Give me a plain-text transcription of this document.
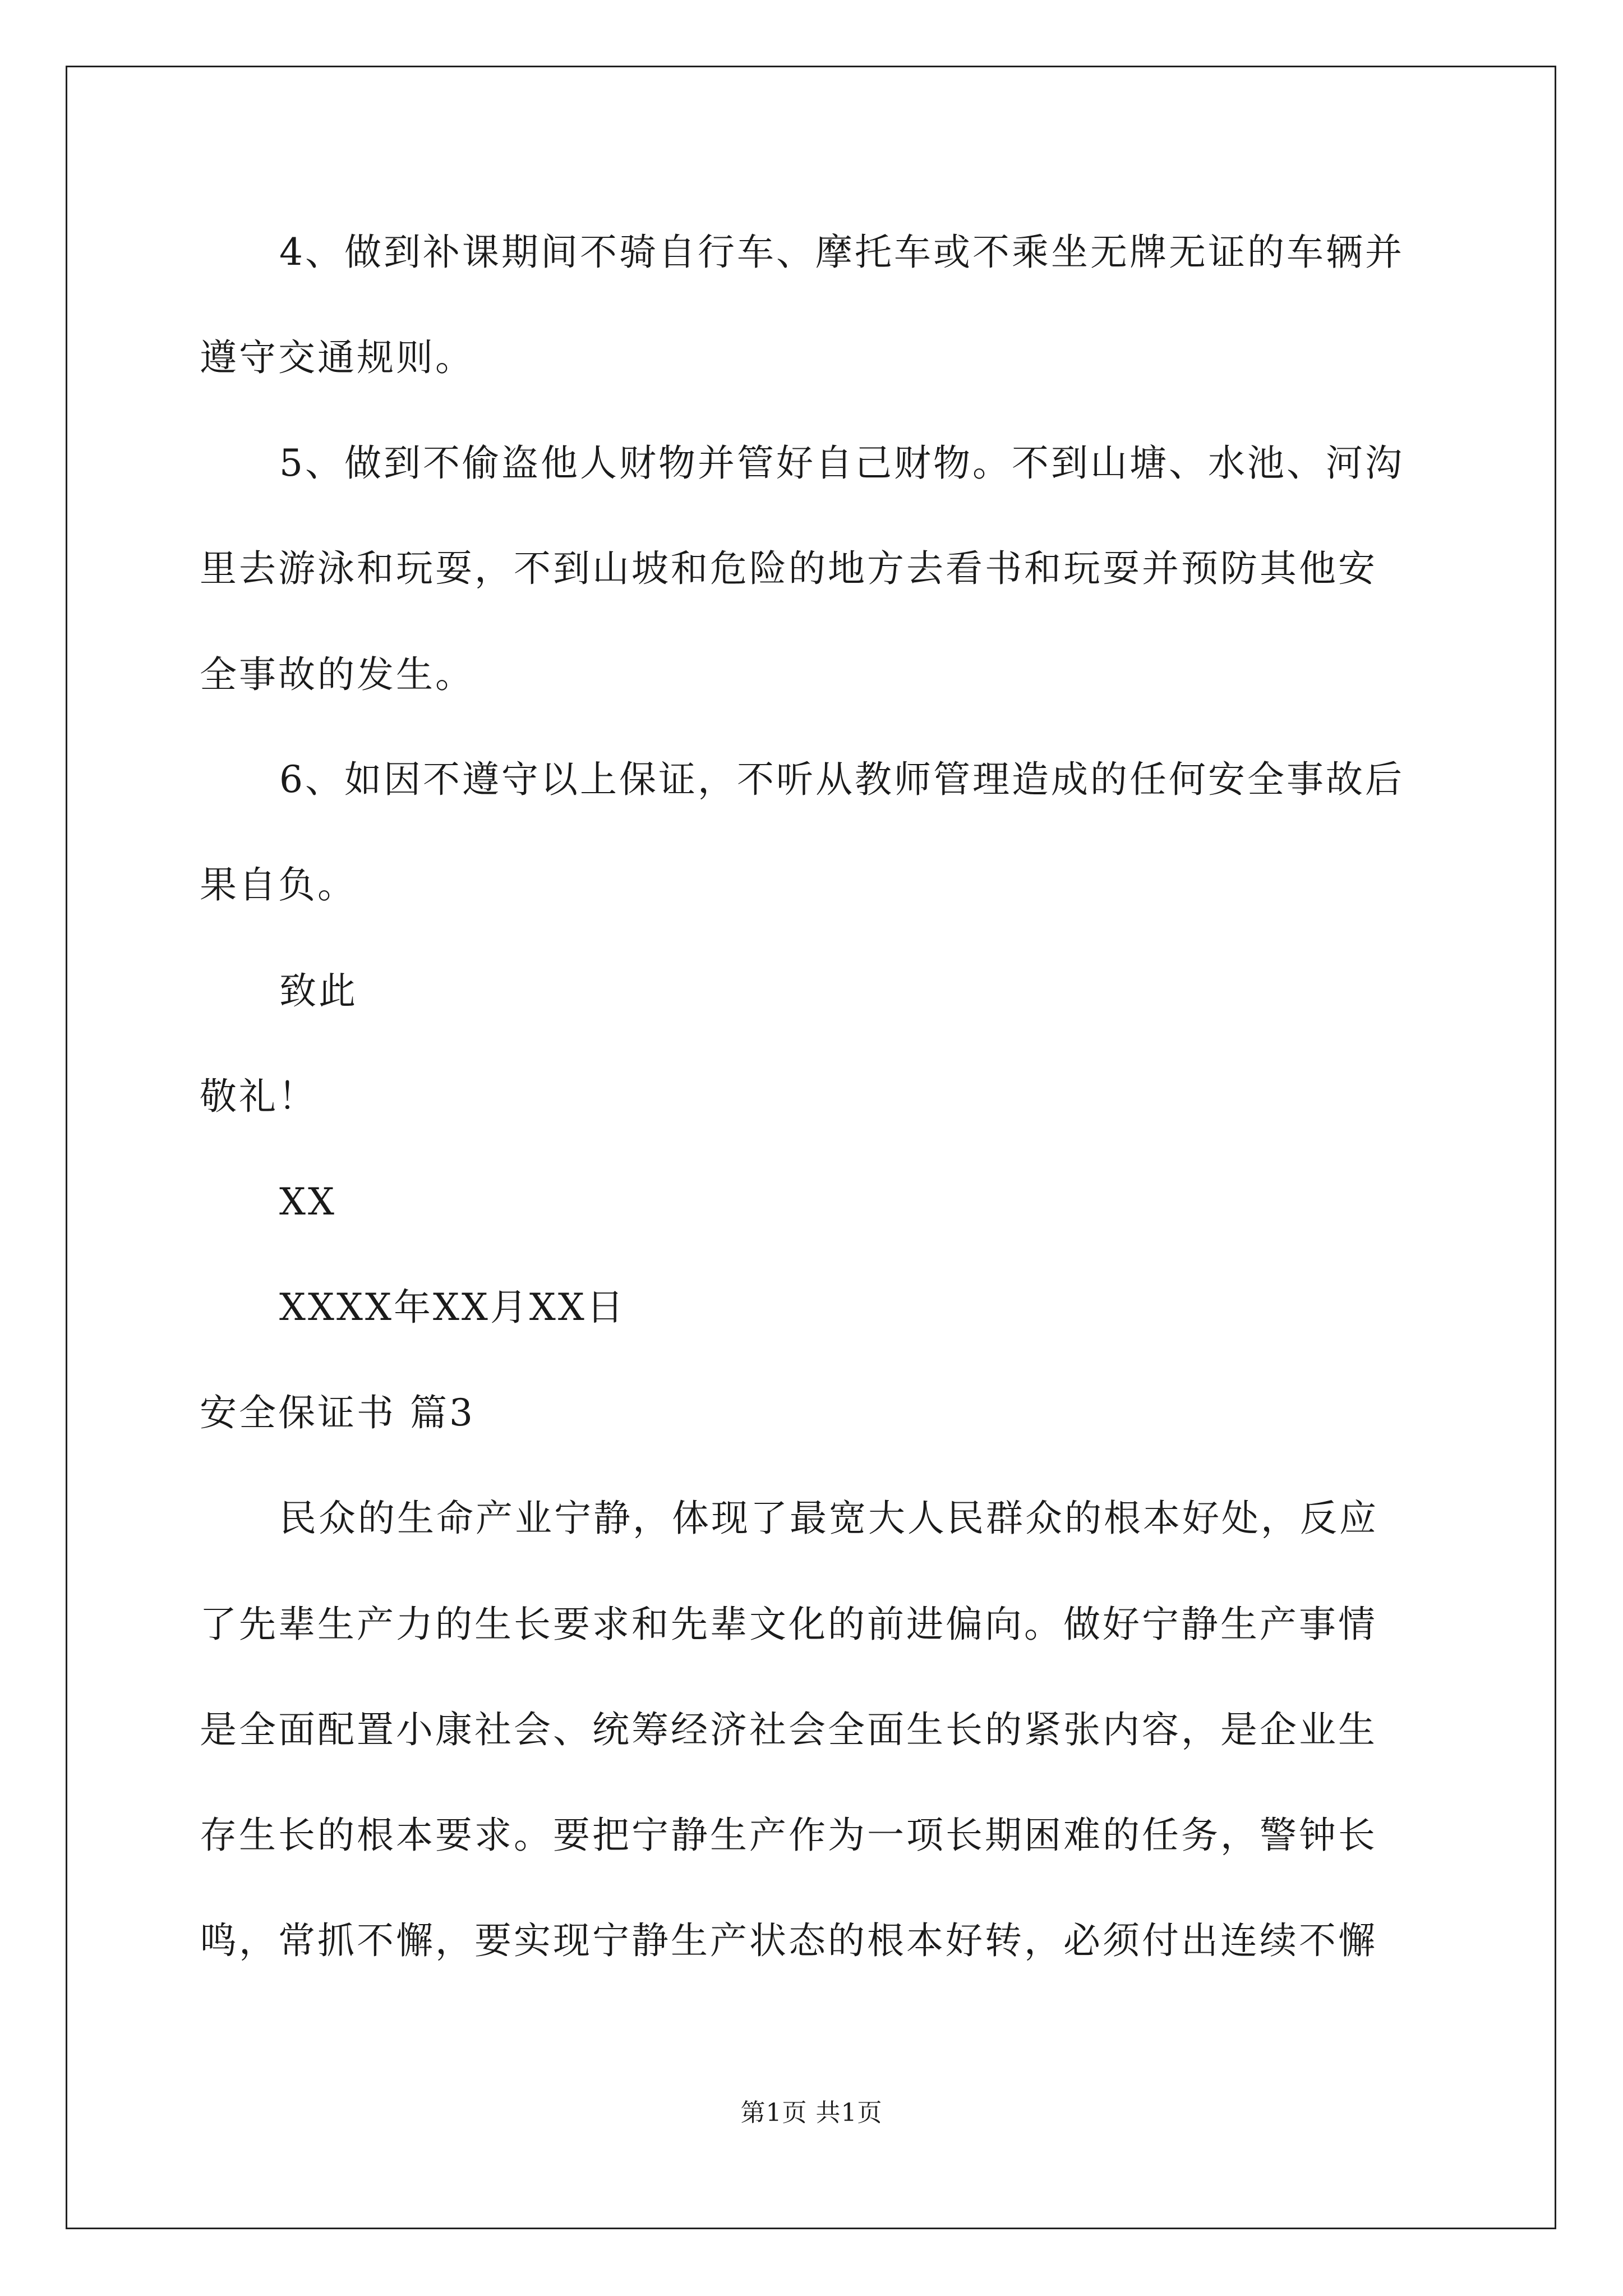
4、做到补课期间不骑自行车、摩托车或不乘坐无牌无证的车辆并
遵守交通规则。
5、做到不偷盗他人财物并管好自己财物。不到山塘、水池、河沟
里去游泳和玩耍，不到山坡和危险的地方去看书和玩耍并预防其他安
全事故的发生。
6、如因不遵守以上保证，不听从教师管理造成的任何安全事故后
果自负。
致此
敬礼！
XX
XXXX年XX月XX日
安全保证书 篇3
民众的生命产业宁静，体现了最宽大人民群众的根本好处，反应
了先辈生产力的生长要求和先辈文化的前进偏向。做好宁静生产事情
是全面配置小康社会、统筹经济社会全面生长的紧张内容，是企业生
存生长的根本要求。要把宁静生产作为一项长期困难的任务，警钟长
鸣，常抓不懈，要实现宁静生产状态的根本好转，必须付出连续不懈
第1页 共1页
